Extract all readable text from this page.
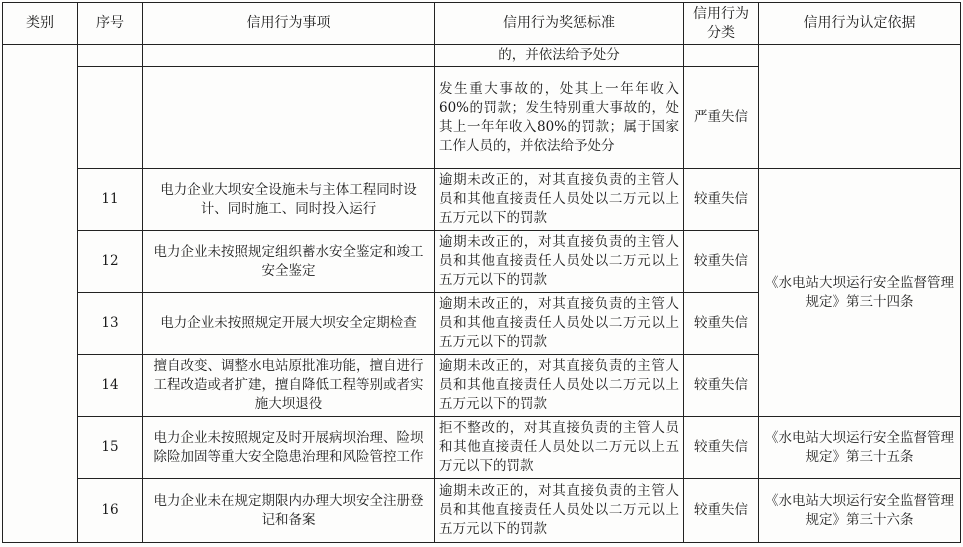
类别	序号	信用行为事项	信用行为奖惩标准	信用行为分类	信用行为认定依据
			的，并依法给予处分		
			发生重大事故的，处其上一年年收入60%的罚款；发生特别重大事故的，处其上一年年收入80%的罚款；属于国家工作人员的，并依法给予处分	严重失信	
	11	电力企业大坝安全设施未与主体工程同时设计、同时施工、同时投入运行	逾期未改正的，对其直接负责的主管人员和其他直接责任人员处以二万元以上五万元以下的罚款	较重失信	《水电站大坝运行安全监督管理规定》第三十四条
	12	电力企业未按照规定组织蓄水安全鉴定和竣工安全鉴定	逾期未改正的，对其直接负责的主管人员和其他直接责任人员处以二万元以上五万元以下的罚款	较重失信	
	13	电力企业未按照规定开展大坝安全定期检查	逾期未改正的，对其直接负责的主管人员和其他直接责任人员处以二万元以上五万元以下的罚款	较重失信	
	14	擅自改变、调整水电站原批准功能，擅自进行工程改造或者扩建，擅自降低工程等别或者实施大坝退役	逾期未改正的，对其直接负责的主管人员和其他直接责任人员处以二万元以上五万元以下的罚款	较重失信	
	15	电力企业未按照规定及时开展病坝治理、险坝除险加固等重大安全隐患治理和风险管控工作	拒不整改的，对其直接负责的主管人员和其他直接责任人员处以二万元以上五万元以下的罚款	较重失信	《水电站大坝运行安全监督管理规定》第三十五条
	16	电力企业未在规定期限内办理大坝安全注册登记和备案	逾期未改正的，对其直接负责的主管人员和其他直接责任人员处以二万元以上五万元以下的罚款	较重失信	《水电站大坝运行安全监督管理规定》第三十六条
